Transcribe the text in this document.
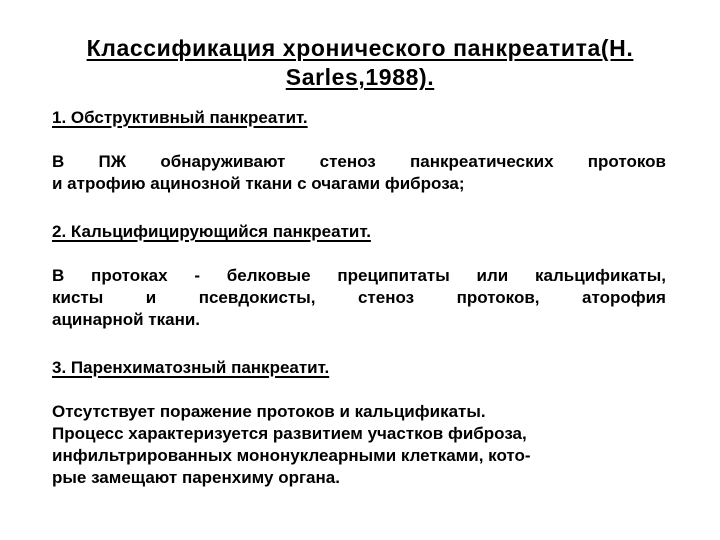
Классификация хронического панкреатита(H.
Sarles,1988).

1. Обструктивный панкреатит.

В ПЖ обнаруживают стеноз панкреатических протоков
и атрофию ацинозной ткани с очагами фиброза;

2. Кальцифицирующийся панкреатит.

В протоках - белковые преципитаты или кальцификаты,
кисты и псевдокисты, стеноз протоков, аторофия
ацинарной ткани.

3. Паренхиматозный панкреатит.

Отсутствует поражение протоков и кальцификаты.
Процесс характеризуется развитием участков фиброза,
инфильтрированных мононуклеарными клетками, кото-
рые замещают паренхиму органа.
